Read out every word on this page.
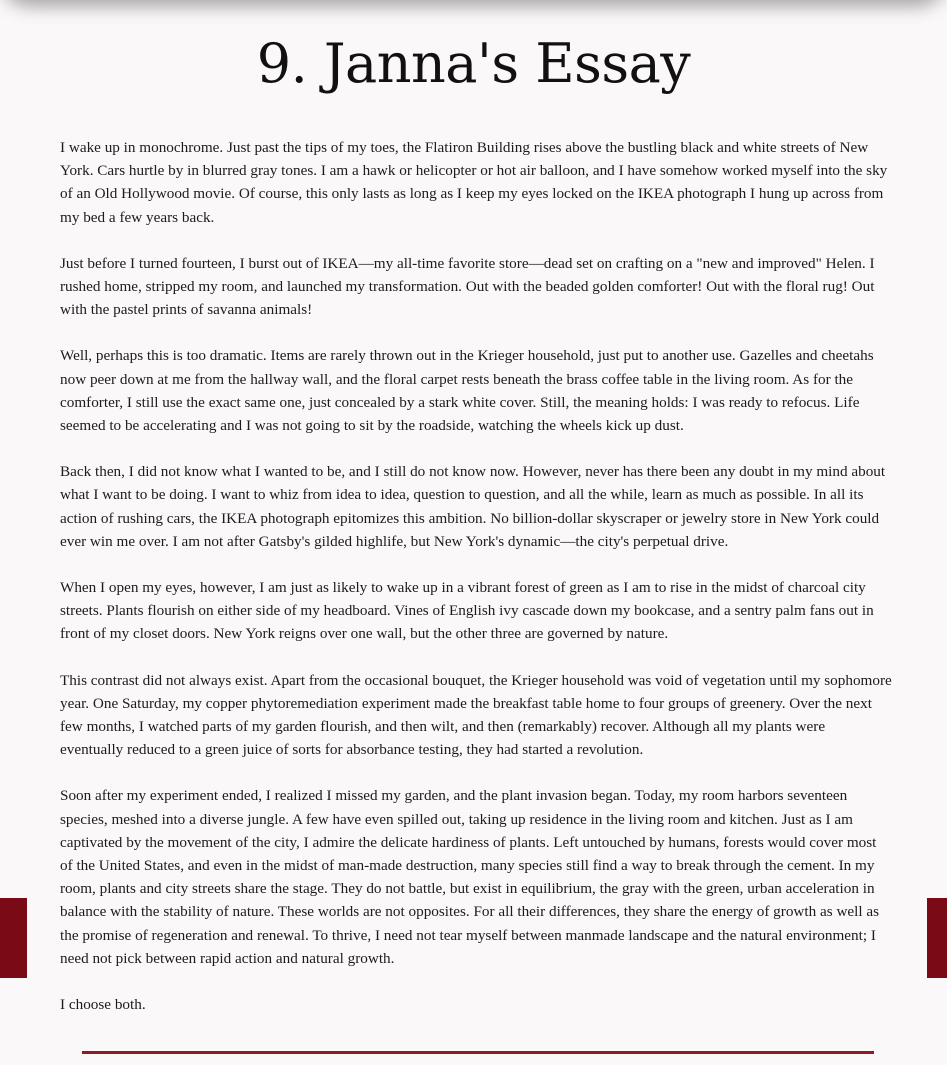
9. Janna's Essay

I wake up in monochrome. Just past the tips of my toes, the Flatiron Building rises above the bustling black and white streets of New York. Cars hurtle by in blurred gray tones. I am a hawk or helicopter or hot air balloon, and I have somehow worked myself into the sky of an Old Hollywood movie. Of course, this only lasts as long as I keep my eyes locked on the IKEA photograph I hung up across from my bed a few years back.

Just before I turned fourteen, I burst out of IKEA—my all-time favorite store—dead set on crafting on a "new and improved" Helen. I rushed home, stripped my room, and launched my transformation. Out with the beaded golden comforter! Out with the floral rug! Out with the pastel prints of savanna animals!

Well, perhaps this is too dramatic. Items are rarely thrown out in the Krieger household, just put to another use. Gazelles and cheetahs now peer down at me from the hallway wall, and the floral carpet rests beneath the brass coffee table in the living room. As for the comforter, I still use the exact same one, just concealed by a stark white cover. Still, the meaning holds: I was ready to refocus. Life seemed to be accelerating and I was not going to sit by the roadside, watching the wheels kick up dust.

Back then, I did not know what I wanted to be, and I still do not know now. However, never has there been any doubt in my mind about what I want to be doing. I want to whiz from idea to idea, question to question, and all the while, learn as much as possible. In all its action of rushing cars, the IKEA photograph epitomizes this ambition. No billion-dollar skyscraper or jewelry store in New York could ever win me over. I am not after Gatsby's gilded highlife, but New York's dynamic—the city's perpetual drive.

When I open my eyes, however, I am just as likely to wake up in a vibrant forest of green as I am to rise in the midst of charcoal city streets. Plants flourish on either side of my headboard. Vines of English ivy cascade down my bookcase, and a sentry palm fans out in front of my closet doors. New York reigns over one wall, but the other three are governed by nature.

This contrast did not always exist. Apart from the occasional bouquet, the Krieger household was void of vegetation until my sophomore year. One Saturday, my copper phytoremediation experiment made the breakfast table home to four groups of greenery. Over the next few months, I watched parts of my garden flourish, and then wilt, and then (remarkably) recover. Although all my plants were eventually reduced to a green juice of sorts for absorbance testing, they had started a revolution.

Soon after my experiment ended, I realized I missed my garden, and the plant invasion began. Today, my room harbors seventeen species, meshed into a diverse jungle. A few have even spilled out, taking up residence in the living room and kitchen. Just as I am captivated by the movement of the city, I admire the delicate hardiness of plants. Left untouched by humans, forests would cover most of the United States, and even in the midst of man-made destruction, many species still find a way to break through the cement. In my room, plants and city streets share the stage. They do not battle, but exist in equilibrium, the gray with the green, urban acceleration in balance with the stability of nature. These worlds are not opposites. For all their differences, they share the energy of growth as well as the promise of regeneration and renewal. To thrive, I need not tear myself between manmade landscape and the natural environment; I need not pick between rapid action and natural growth.

I choose both.
